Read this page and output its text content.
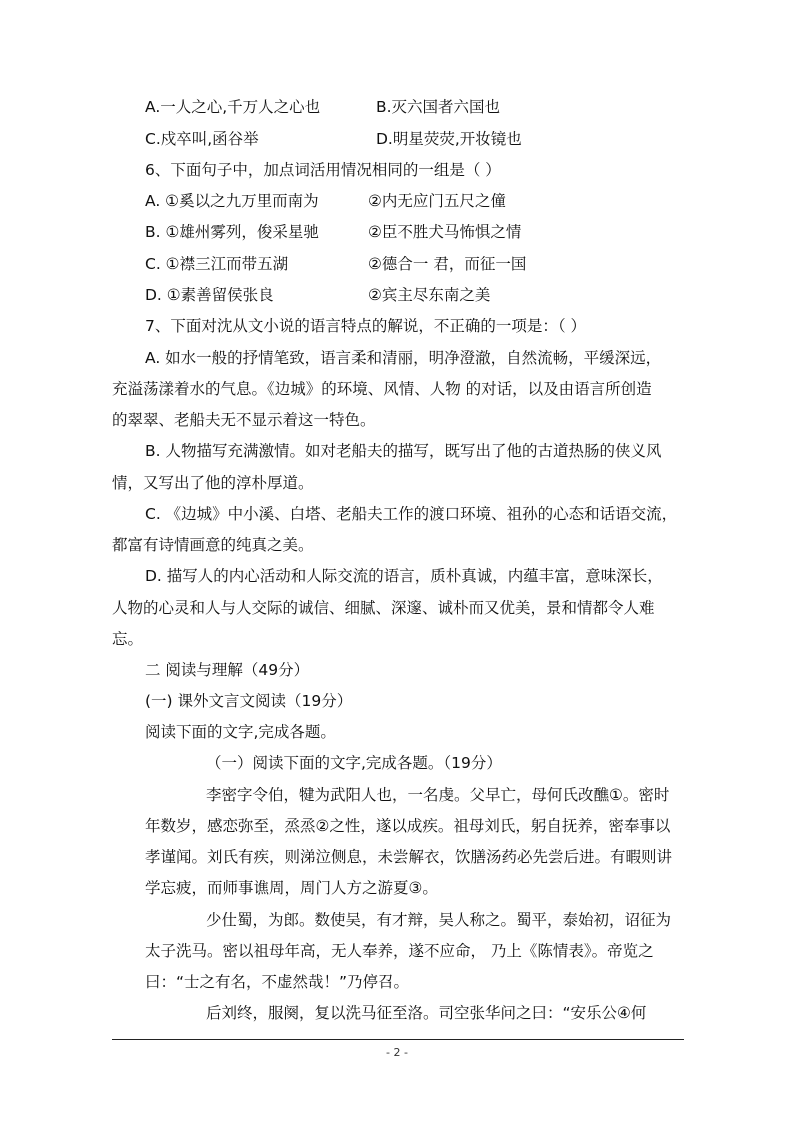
A.一人之心,千万人之心也	B.灭六国者六国也
C.戍卒叫,函谷举	D.明星荧荧,开妆镜也
6、下面句子中，加点词活用情况相同的一组是（ ）
A. ①奚以之九万里而南为	②内无应门五尺之僮
B. ①雄州雾列，俊采星驰	②臣不胜犬马怖惧之情
C. ①襟三江而带五湖	②德合一 君，而征一国
D. ①素善留侯张良	②宾主尽东南之美
7、下面对沈从文小说的语言特点的解说，不正确的一项是：（ ）
A. 如水一般的抒情笔致，语言柔和清丽，明净澄澈，自然流畅，平缓深远，
充溢荡漾着水的气息。《边城》的环境、风情、人物 的对话，以及由语言所创造
的翠翠、老船夫无不显示着这一特色。
B. 人物描写充满激情。如对老船夫的描写，既写出了他的古道热肠的侠义风
情，又写出了他的淳朴厚道。
C. 《边城》中小溪、白塔、老船夫工作的渡口环境、祖孙的心态和话语交流，
都富有诗情画意的纯真之美。
D. 描写人的内心活动和人际交流的语言，质朴真诚，内蕴丰富，意味深长，
人物的心灵和人与人交际的诚信、细腻、深邃、诚朴而又优美，景和情都令人难
忘。
二 阅读与理解（49分）
(一) 课外文言文阅读（19分）
阅读下面的文字,完成各题。
（一）阅读下面的文字,完成各题。（19分）
李密字令伯，犍为武阳人也，一名虔。父早亡，母何氏改醮①。密时
年数岁，感恋弥至，烝烝②之性，遂以成疾。祖母刘氏，躬自抚养，密奉事以
孝谨闻。刘氏有疾，则涕泣侧息，未尝解衣，饮膳汤药必先尝后进。有暇则讲
学忘疲，而师事谯周，周门人方之游夏③。
少仕蜀，为郎。数使吴，有才辩，吴人称之。蜀平，泰始初，诏征为
太子洗马。密以祖母年高，无人奉养，遂不应命， 乃上《陈情表》。帝览之
曰：“士之有名，不虚然哉！”乃停召。
后刘终，服阕，复以洗马征至洛。司空张华问之曰：“安乐公④何
- 2 -
